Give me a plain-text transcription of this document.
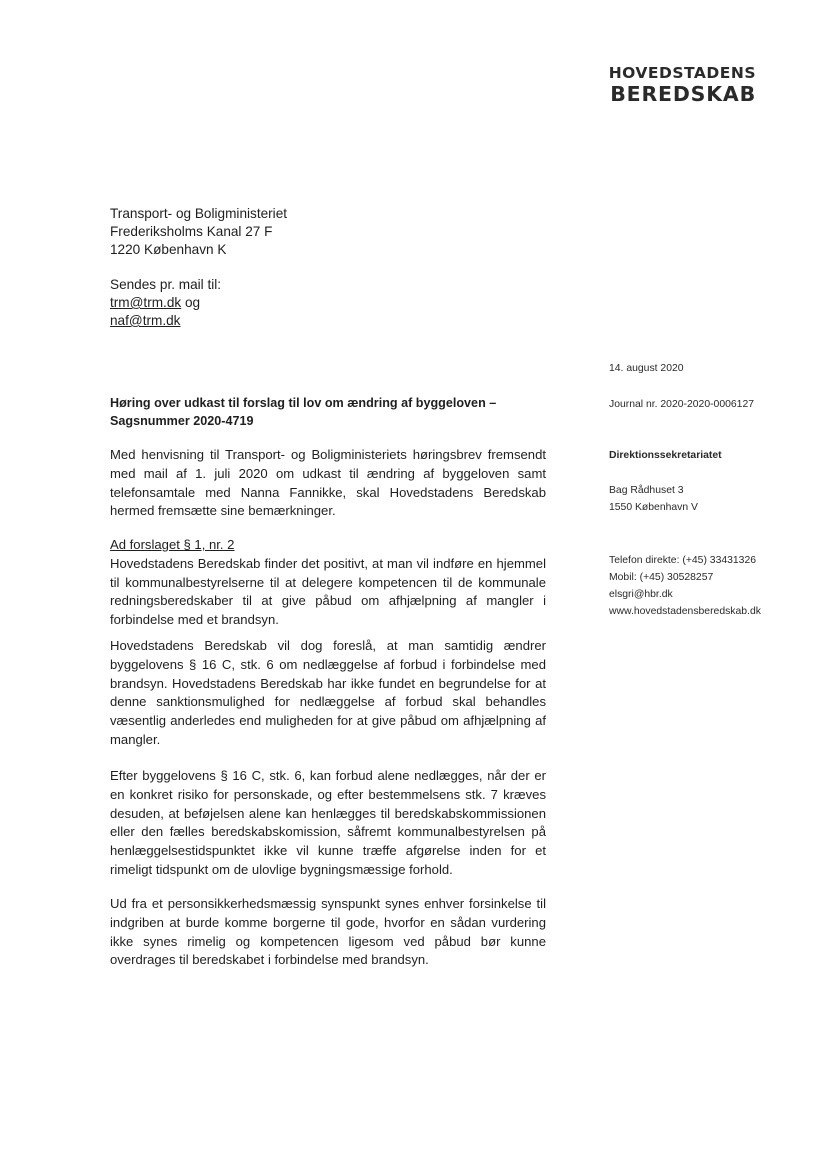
HOVEDSTADENS
BEREDSKAB
Transport- og Boligministeriet
Frederiksholms Kanal 27 F
1220 København K
Sendes pr. mail til:
trm@trm.dk og
naf@trm.dk
14. august 2020
Journal nr. 2020-2020-0006127
Direktionssekretariatet
Bag Rådhuset 3
1550 København V
Telefon direkte: (+45) 33431326
Mobil: (+45) 30528257
elsgri@hbr.dk
www.hovedstadensberedskab.dk
Høring over udkast til forslag til lov om ændring af byggeloven – Sagsnummer 2020-4719

Med henvisning til Transport- og Boligministeriets høringsbrev fremsendt med mail af 1. juli 2020 om udkast til ændring af byggeloven samt telefonsamtale med Nanna Fannikke, skal Hovedstadens Beredskab hermed fremsætte sine bemærkninger.

Ad forslaget § 1, nr. 2
Hovedstadens Beredskab finder det positivt, at man vil indføre en hjemmel til kommunalbestyrelserne til at delegere kompetencen til de kommunale redningsberedskaber til at give påbud om afhjælpning af mangler i forbindelse med et brandsyn.

Hovedstadens Beredskab vil dog foreslå, at man samtidig ændrer byggelovens § 16 C, stk. 6 om nedlæggelse af forbud i forbindelse med brandsyn. Hovedstadens Beredskab har ikke fundet en begrundelse for at denne sanktionsmulighed for nedlæggelse af forbud skal behandles væsentlig anderledes end muligheden for at give påbud om afhjælpning af mangler.

Efter byggelovens § 16 C, stk. 6, kan forbud alene nedlægges, når der er en konkret risiko for personskade, og efter bestemmelsens stk. 7 kræves desuden, at beføjelsen alene kan henlægges til beredskabskommissionen eller den fælles beredskabskomission, såfremt kommunalbestyrelsen på henlæggelsestidspunktet ikke vil kunne træffe afgørelse inden for et rimeligt tidspunkt om de ulovlige bygningsmæssige forhold.

Ud fra et personsikkerhedsmæssig synspunkt synes enhver forsinkelse til indgriben at burde komme borgerne til gode, hvorfor en sådan vurdering ikke synes rimelig og kompetencen ligesom ved påbud bør kunne overdrages til beredskabet i forbindelse med brandsyn.
